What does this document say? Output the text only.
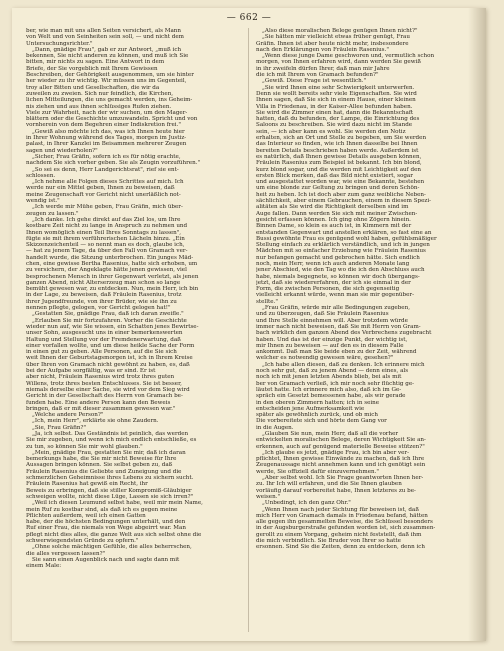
— 662 —

ber, wie man mit uns allen Seiten versichert, als Mann

von Welt und von Seinheiten sein soll, — und nicht dem

Untersuchungsrichter."

„Dann, gnädige Frau", gab er zur Antwort, „muß ich

bekennen, Sie nicht anderen zu können, und muß ich Sie

bitten, mir nichts zu sagen. Eine Antwort in dem

Briefe, der Sie vorgeblich mit Ihrem Gewissen

Beschreiben, der Gehörigkeit ausgenommen, um sie hinter

her wieder zu ihr wichtig. Wir müssen uns im Gegenteil,

troy aller Bitten und Gesellschaften, die wir da

zuweilen zu zweien. Sich nur feindlich, die Kirchen,

lichen Mitteilungen, die uns gemacht werden, ins Geheim-

nis ziehen und aus ihnen schlüssiges Rufen ziehen.

Viele zur Wahrheit, nach der wir suchen, um den Mager-

blättern oder die Geschichte umzuwandeln. Spricht und von

vornherein von dem Begehren einer Indiskretion frei."

„Gewiß also möchte ich das, was ich Ihnen heute hier

in Ihrer Wohnung während des Tages, morgen im Justiz-

palast, in Ihrer Kanzlei im Beisammen mehrerer Zeugen

sagen und wiederholen?"

„Sicher, Frau Gräfin, sofern ich es für nötig erachte,

nachdem Sie sich vorher geben. Sie als Zeugin vorzuführen."

„So sei es denn, Herr Landgerichtsrat", rief sie ent-

schlossen.

„Ich nehme alle Folgen dieses Schrittes auf mich. Ich

werde nur ein Mittel geben, Ihnen zu beweisen, daß

meine Zeugenschaft vor Gericht nicht unerläßlich not-

wendig ist."

„Ich werde mir Mühe geben, Frau Gräfin, mich über-

zeugen zu lassen."

„Ich danke. Ich gehe direkt auf das Ziel los, um Ihre

kostbare Zeit nicht zu lange in Anspruch zu nehmen und

Ihnen womöglich einen Teil Ihres Sonntags zu lassen",

fügte sie mit ihrem verführerischen Lächeln hinzu. „Ein

Skizzenzeichenteil — so nennt man es doch, glaube ich,

— hat zu jenem Tage, da über den Fall von Gramach ver-

handelt wurde, die Sitzung unterbrochen. Ein junges Mäd-

chen, eine gewisse Bertha Rasenius, hatte sich erhoben, um

zu versichern, der Angeklagte hätte jenen gewissen, viel

besprochenen Mensch in ihrer Gegenwart verletzt, als jenen

ganzen Abend, nicht Alterserzeug man schon so lange

bemüht gewesen war, zu entdecken. Nun, mein Herr, ich bin

in der Lage, zu beweisen, daß Fräulein Rasenius, trotz

ihrer Jugendfreunde, von ihrer Brüder, wie sie ihn zu

nennen pflegte, gelogen, vor Gericht gelogen hat!"

„Gestatten Sie, gnädige Frau, daß ich daran zweifle."

„Erlauben Sie mir fortzufahren. Vorher die Geschichte

wieder nun auf, wie Sie wissen, ein Schatten jenes Bewirtse-

unser Sohn, ausgesucht uns in einer bemerkenswerten

Haltung und Stellung vor der Fremdenerwartung, daß

einer vorfallen wollte, und um diese heikle Sache der Form

in einen gut zu geben. Alle Personen, auf die Sie sich

weit Ihnen der Geburtstagsmorgen ist, ich in Ihrem Kreise

über Ihren von Gramach nicht gewöhnt zu haben, es, daß

bei der Aufgabe sorgfältig, was er sind. Er ist

aber nicht, Fräulein Rasenius wird trotz ihres guten

Willens, trotz ihres besten Entschlusses. Sie ist besser,

niemals derselbe einer Sache, sie wird vor dem Sieg wird

Gericht in der Gesellschaft des Herrn von Gramach be-

funden habe. Eine andere Person kann den Beweis

bringen, daß er mit dieser zusammen gewesen war."

„Welche andere Person?"

„Ich, mein Herr", erklärte sie ohne Zaudern.

„Sie, Frau Gräfin?"

„Ja, ich selbst. Das Geständnis ist peinlich, das werden

Sie mir zugeben, und wenn ich mich endlich entschließe, es

zu tun, so können Sie mir wohl glauben."

„Mein, gnädige Frau, gestatten Sie mir, daß ich daran

bemerkungs habe, die Sie mir nicht Beweise für Ihre

Aussagen bringen können. Sie selbst geben zu, daß

Fräulein Rasenius die Geliebte und Zuneigung und die

schmerzlichen Geheimnisse ihres Lebens zu sichern sucht.

Fräulein Rasenius hat gewiß ein Recht, ihr

Beweis zu erbringen, daß sie stiller Kompromiß-Gläubiger

schweigen wollte, nicht diese Lüge, Lassen sie sich irren?"

„Weil ich diesen Leumund selbst habe, weil mir mein Name,

mein Ruf zu kostbar sind, als daß ich es gegen meine

Pflichten außerdem, weil ich einen Gatten

habe, der die höchsten Bedingungen unterhält, und den

Ruf einer Frau, die niemals von Wege abgeirrt war. Man

pflegt nicht dies alles, die ganze Welt aus sich selbst ohne die

schwerwiegendsten Gründe zu opfern."

„Ohne solche mächtigen Gefühle, die alles beherrschen,

die alles vergessen lassen?"

Sie sann einen Augenblick nach und sagte dann mit

einem Male:

„Also diese moralischen Belege genügen Ihnen nicht?"

„Sie hätten mir vielleicht etwas früher genügt, Frau

Gräfin. Ihnen ist aber heute nicht mehr, insbesondere

nach den Erklärungen von Fräulein Rasenius."

„Wenn diese junge Dame geschworen und, vermutlich schon

morgen, von Ihnen erfahren wird, dann werden Sie gewiß

in ihr zweifeln dürfen Ihrer, daß man mir Jahre

die ich mit Ihrem von Gramach befunden?"

„Gewiß. Diese Frage ist wesentlich."

„Sie wird Ihnen eine sehr Schwierigkeit unterwerfen.

Denn sie wollt bereits sehr viele Eigenschaften. Sie wird

Ihnen sagen, daß Sie sich in einem Hause, einer kleinen

Villa in Friedenau, in der Kaiser-Allee befunden haben.

Sie wird die Zimmer einen hat, dann die Bekanntschaft

hatten, daß du befunden, der Lampe, die Einrichtung des

Saloons zu beschreiben. Sie wird dazu nicht im Stande

sein, — ich aber kann es wohl. Sie werden den Notiz

erhalten, sich an Ort und Stelle zu begeben, um Sie werden

das Interieur so finden, wie ich Ihnen dasselbe bei Ihnen

bereiten Details beschrieben haben werde. Außerdem ist

es natürlich, daß Ihnen gewisse Details ausgeben können,

Fräulein Rasenius zum Beispiel ist bekannt. Ich bin blond,

kurz blond sogar, und die werden mit Leichtigkeit auf den

ersten Blick merken, daß das Bild nicht existiert, sogar

und ausgestattet worden war, wie eine Bekannte, bestehen

um eine blonde zur Geltung zu bringen und deren Schön-

heit zu heben. Ich ist doch aber zum ganz weibliche Neben-

sächlichkeit, aber einem Gebrauchen, einem in diesem Spezi-

alitäten als Sie wird die Richtigkeit derselben sind im

Auge fallen. Dann werden Sie sich mit meiner Zwischen-

gesicht erfassen können. Ich ging ohne Zögern hinein.

Binnen Dame, so klein es auch ist, in Kimmern mit der

entstanden Gegenwart und anstellen erklären, so fast eine an

Bussi gewöhnte Frau es genügend wohl haben, gefühlsmäßiger

Stellung einfach zu erklärlich verständlich, und ich in jungen

Mädchen mit so einfacher Erziehung wie Fräulein Rasenius

nur befangen gemacht und gebrochen hätte. Sich endlich

noch, mein Herr, wenn ich auch anderen Monate lang

jener Abschied, wie den Tag wo die ich den Abschluss auch

habe, niemals begegnete, so können wir doch übergangs-

jetzt, daß sie wiedererfahren, der ich sie einmal in der

Form, die zwischen Personen, die sich gegenseitig

vielleicht erkannt würde, wenn man sie mir gegenüber-

stellte."

„Frau Gräfin, würde mir alle Bedingungen zugeben,

und zu überzeugen, daß Sie Fräulein Rasenius

und Ihre Stelle einnehmen will. Aber trotzdem würde

immer nach nicht beweisen, daß Sie mit Herrn von Gram-

bach wirklich den ganzen Abend des Verbrechens zugebracht

haben. Und das ist der einzige Punkt, der wichtig ist,

mir Ihnen zu beweisen — auf den es in diesem Falle

ankommt. Daß man Sie beide eben zu der Zeit, während

welcher es notwendig gewesen wäre, gesehen?"

„Ich habe allen diesen, daß zu denken. Ich erinnere mich

noch sehr gut, daß zu jenem Abend — denn eines, als

noch ich mit jenen letzten Abends blieb, bei als mit

ber von Gramach verließ, ich mir noch sehr flüchtig ge-

läutet hatte. Ich erinnere mich also, daß ich im Ge-

spräch ein Gesetzt bemessenen habe, als wir gerade

in den oberen Zimmern hatten; ich in seine

entscheiden jene Aufmerksamkeit wie

später als gewöhnlich zurück, und ob mich

Die vorbereitete sich und hörte dem Gang vor

in die Augen.

„Glauben Sie nun, mein Herr, daß all die vorher

entwickelten moralischen Belege, deren Wichtigkeit Sie an-

erkennen, auch auf genügend materielle Beweise stützen?"

„Ich glaube es jetzt, gnädige Frau, ich bin aber ver-

pflichtet, Ihnen gewisse Einwände zu machen, daß ich Ihre

Zeugenaussage nicht annehmen kann und ich genötigt sein

werde, Sie offiziell dafür einzuvernehmen."

„Aber selbst wohl. Ich Sie Frage geantworten Ihnen her-

zu. Ihr Ich will erfahren, und die Sie Ihnen glauben

vorläufig darauf vorbereitet habe, Ihnen letzteres zu be-

weisen."

„Unbedingt, ich den ganz Ohr."

„Wenn Ihnen nach jeder Sichtung für beweisen ist, daß

mich Herr von Gramach damals in Friedenau befand, hätten

alle gegen ihn gesammelten Beweise, die Schlüssel besonders

in der Augsburgerstraße gefunden worden ist, sich zusammen-

gerollt zu einem Vorgang, geheim nicht feststellt, daß ihm

die mich verbindlich. Sie Bruder von Ihrer so hatte

ersonnen. Sind Sie die Zeiten, denn zu entdecken, denn ich
